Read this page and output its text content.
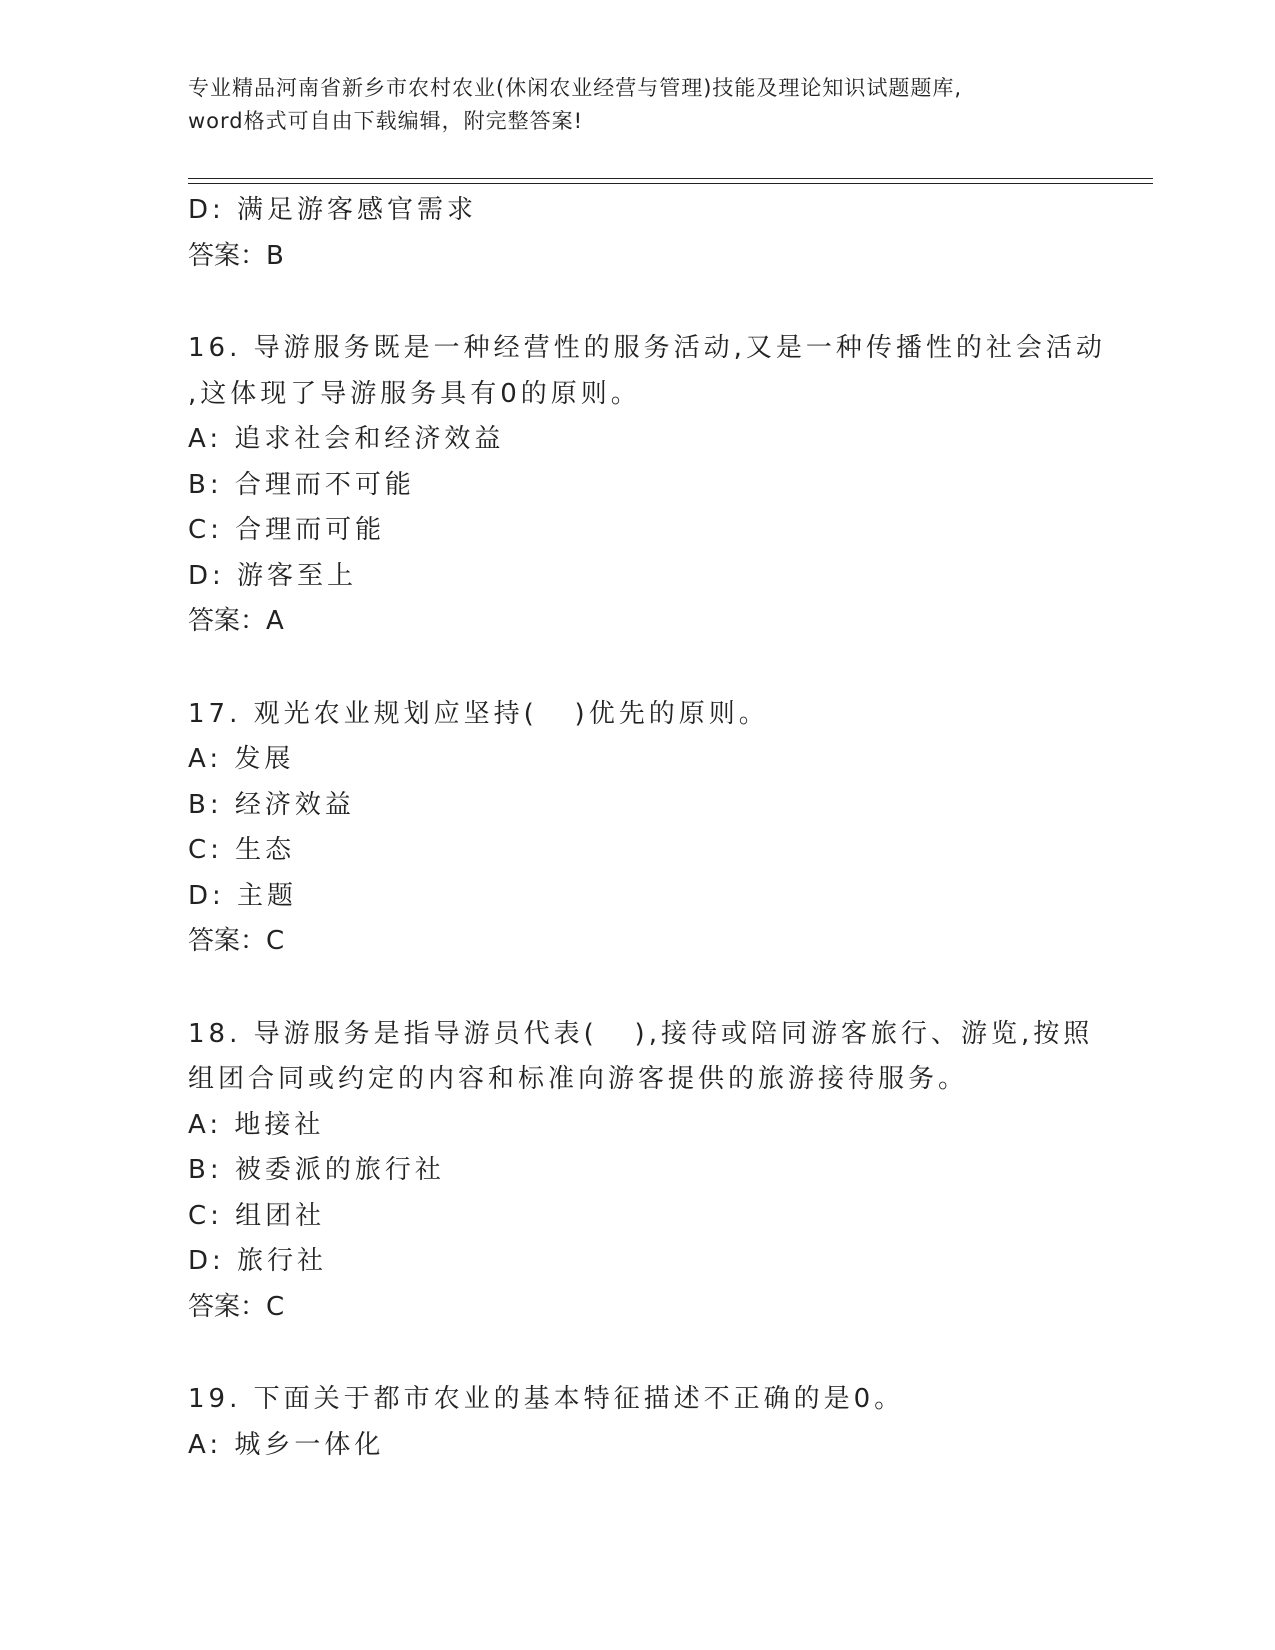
专业精品河南省新乡市农村农业(休闲农业经营与管理)技能及理论知识试题题库,
word格式可自由下载编辑，附完整答案!
D: 满足游客感官需求
答案：B
16. 导游服务既是一种经营性的服务活动,又是一种传播性的社会活动
,这体现了导游服务具有0的原则。
A: 追求社会和经济效益
B: 合理而不可能
C: 合理而可能
D: 游客至上
答案：A
17. 观光农业规划应坚持(   )优先的原则。
A: 发展
B: 经济效益
C: 生态
D: 主题
答案：C
18. 导游服务是指导游员代表(   ),接待或陪同游客旅行、游览,按照
组团合同或约定的内容和标准向游客提供的旅游接待服务。
A: 地接社
B: 被委派的旅行社
C: 组团社
D: 旅行社
答案：C
19. 下面关于都市农业的基本特征描述不正确的是0。
A: 城乡一体化
